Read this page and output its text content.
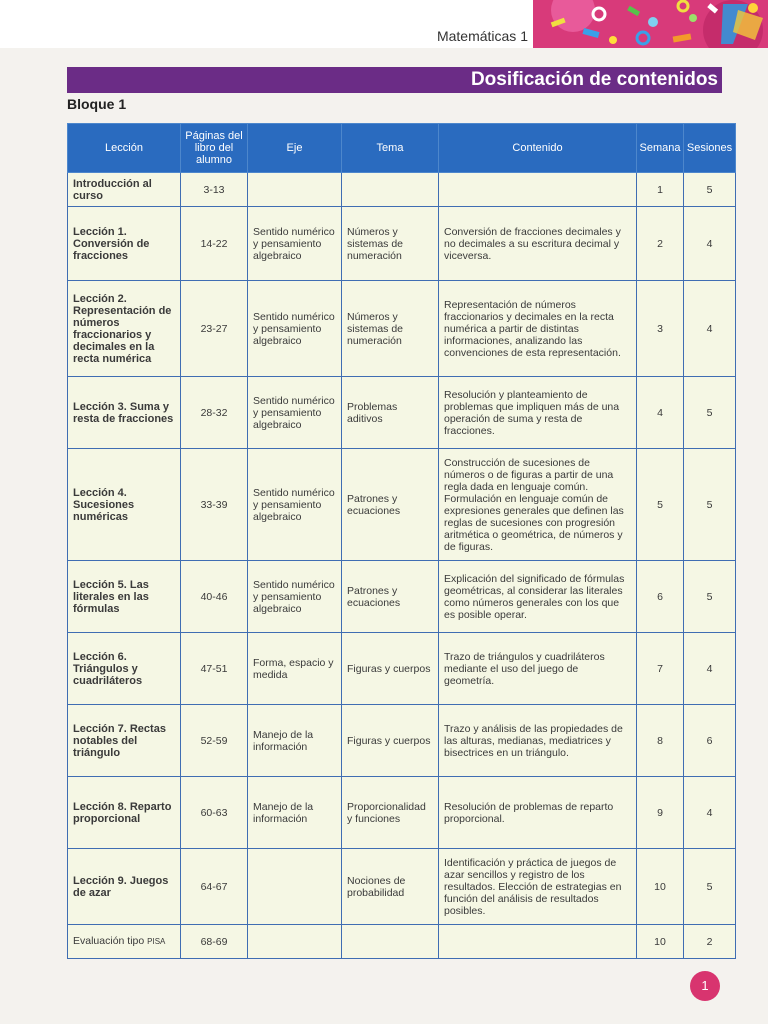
Matemáticas 1
Dosificación de contenidos
Bloque 1
Lección	Páginas del libro del alumno	Eje	Tema	Contenido	Semana	Sesiones
Introducción al curso	3-13				1	5
Lección 1. Conversión de fracciones	14-22	Sentido numérico y pensamiento algebraico	Números y sistemas de numeración	Conversión de fracciones decimales y no decimales a su escritura decimal y viceversa.	2	4
Lección 2. Representación de números fraccionarios y decimales en la recta numérica	23-27	Sentido numérico y pensamiento algebraico	Números y sistemas de numeración	Representación de números fraccionarios y decimales en la recta numérica a partir de distintas informaciones, analizando las convenciones de esta representación.	3	4
Lección 3. Suma y resta de fracciones	28-32	Sentido numérico y pensamiento algebraico	Problemas aditivos	Resolución y planteamiento de problemas que impliquen más de una operación de suma y resta de fracciones.	4	5
Lección 4. Sucesiones numéricas	33-39	Sentido numérico y pensamiento algebraico	Patrones y ecuaciones	Construcción de sucesiones de números o de figuras a partir de una regla dada en lenguaje común. Formulación en lenguaje común de expresiones generales que definen las reglas de sucesiones con progresión aritmética o geométrica, de números y de figuras.	5	5
Lección 5. Las literales en las fórmulas	40-46	Sentido numérico y pensamiento algebraico	Patrones y ecuaciones	Explicación del significado de fórmulas geométricas, al considerar las literales como números generales con los que es posible operar.	6	5
Lección 6. Triángulos y cuadriláteros	47-51	Forma, espacio y medida	Figuras y cuerpos	Trazo de triángulos y cuadriláteros mediante el uso del juego de geometría.	7	4
Lección 7. Rectas notables del triángulo	52-59	Manejo de la información	Figuras y cuerpos	Trazo y análisis de las propiedades de las alturas, medianas, mediatrices y bisectrices en un triángulo.	8	6
Lección 8. Reparto proporcional	60-63	Manejo de la información	Proporcionalidad y funciones	Resolución de problemas de reparto proporcional.	9	4
Lección 9. Juegos de azar	64-67		Nociones de probabilidad	Identificación y práctica de juegos de azar sencillos y registro de los resultados. Elección de estrategias en función del análisis de resultados posibles.	10	5
Evaluación tipo PISA	68-69				10	2
1
